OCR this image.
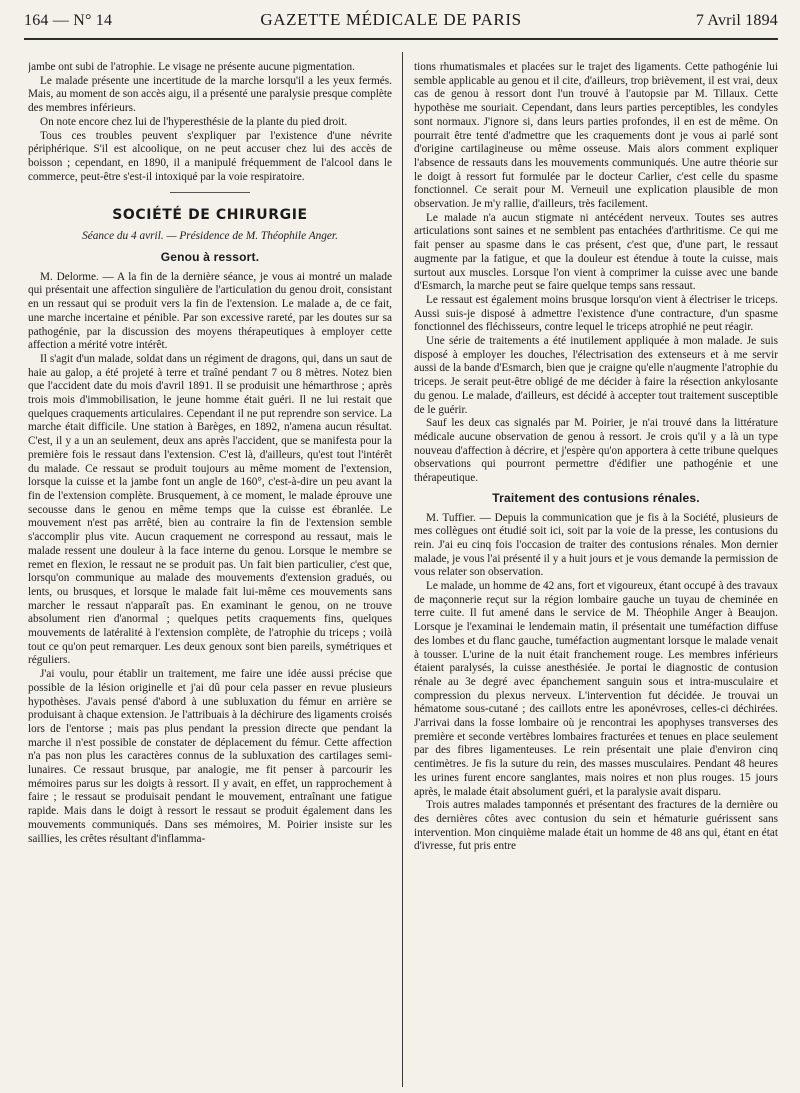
164 — N° 14	GAZETTE MÉDICALE DE PARIS	7 Avril 1894

jambe ont subi de l'atrophie. Le visage ne présente aucune pigmentation.

Le malade présente une incertitude de la marche lorsqu'il a les yeux fermés. Mais, au moment de son accès aigu, il a présenté une paralysie presque complète des membres inférieurs.

On note encore chez lui de l'hyperesthésie de la plante du pied droit.

Tous ces troubles peuvent s'expliquer par l'existence d'une névrite périphérique. S'il est alcoolique, on ne peut accuser chez lui des accès de boisson ; cependant, en 1890, il a manipulé fréquemment de l'alcool dans le commerce, peut-être s'est-il intoxiqué par la voie respiratoire.

SOCIÉTÉ DE CHIRURGIE
Séance du 4 avril. — Présidence de M. Théophile Anger.
Genou à ressort.

M. Delorme. — A la fin de la dernière séance, je vous ai montré un malade qui présentait une affection singulière de l'articulation du genou droit, consistant en un ressaut qui se produit vers la fin de l'extension. Le malade a, de ce fait, une marche incertaine et pénible. Par son excessive rareté, par les doutes sur sa pathogénie, par la discussion des moyens thérapeutiques à employer cette affection a mérité votre intérêt.

Il s'agit d'un malade, soldat dans un régiment de dragons, qui, dans un saut de haie au galop, a été projeté à terre et traîné pendant 7 ou 8 mètres. Notez bien que l'accident date du mois d'avril 1891. Il se produisit une hémarthrose ; après trois mois d'immobilisation, le jeune homme était guéri. Il ne lui restait que quelques craquements articulaires. Cependant il ne put reprendre son service. La marche était difficile. Une station à Barèges, en 1892, n'amena aucun résultat. C'est, il y a un an seulement, deux ans après l'accident, que se manifesta pour la première fois le ressaut dans l'extension. C'est là, d'ailleurs, qu'est tout l'intérêt du malade. Ce ressaut se produit toujours au même moment de l'extension, lorsque la cuisse et la jambe font un angle de 160°, c'est-à-dire un peu avant la fin de l'extension complète. Brusquement, à ce moment, le malade éprouve une secousse dans le genou en même temps que la cuisse est ébranlée. Le mouvement n'est pas arrêté, bien au contraire la fin de l'extension semble s'accomplir plus vite. Aucun craquement ne correspond au ressaut, mais le malade ressent une douleur à la face interne du genou. Lorsque le membre se remet en flexion, le ressaut ne se produit pas. Un fait bien particulier, c'est que, lorsqu'on communique au malade des mouvements d'extension gradués, ou lents, ou brusques, et lorsque le malade fait lui-même ces mouvements sans marcher le ressaut n'apparaît pas. En examinant le genou, on ne trouve absolument rien d'anormal ; quelques petits craquements fins, quelques mouvements de latéralité à l'extension complète, de l'atrophie du triceps ; voilà tout ce qu'on peut remarquer. Les deux genoux sont bien pareils, symétriques et réguliers.

J'ai voulu, pour établir un traitement, me faire une idée aussi précise que possible de la lésion originelle et j'ai dû pour cela passer en revue plusieurs hypothèses. J'avais pensé d'abord à une subluxation du fémur en arrière se produisant à chaque extension. Je l'attribuais à la déchirure des ligaments croisés lors de l'entorse ; mais pas plus pendant la pression directe que pendant la marche il n'est possible de constater de déplacement du fémur. Cette affection n'a pas non plus les caractères connus de la subluxation des cartilages semi-lunaires. Ce ressaut brusque, par analogie, me fit penser à parcourir les mémoires parus sur les doigts à ressort. Il y avait, en effet, un rapprochement à faire ; le ressaut se produisait pendant le mouvement, entraînant une fatigue rapide. Mais dans le doigt à ressort le ressaut se produit également dans les mouvements communiqués. Dans ses mémoires, M. Poirier insiste sur les saillies, les crêtes résultant d'inflamma-

tions rhumatismales et placées sur le trajet des ligaments. Cette pathogénie lui semble applicable au genou et il cite, d'ailleurs, trop brièvement, il est vrai, deux cas de genou à ressort dont l'un trouvé à l'autopsie par M. Tillaux. Cette hypothèse me souriait. Cependant, dans leurs parties perceptibles, les condyles sont normaux. J'ignore si, dans leurs parties profondes, il en est de même. On pourrait être tenté d'admettre que les craquements dont je vous ai parlé sont d'origine cartilagineuse ou même osseuse. Mais alors comment expliquer l'absence de ressauts dans les mouvements communiqués. Une autre théorie sur le doigt à ressort fut formulée par le docteur Carlier, c'est celle du spasme fonctionnel. Ce serait pour M. Verneuil une explication plausible de mon observation. Je m'y rallie, d'ailleurs, très facilement.

Le malade n'a aucun stigmate ni antécédent nerveux. Toutes ses autres articulations sont saines et ne semblent pas entachées d'arthritisme. Ce qui me fait penser au spasme dans le cas présent, c'est que, d'une part, le ressaut augmente par la fatigue, et que la douleur est étendue à toute la cuisse, mais surtout aux muscles. Lorsque l'on vient à comprimer la cuisse avec une bande d'Esmarch, la marche peut se faire quelque temps sans ressaut.

Le ressaut est également moins brusque lorsqu'on vient à électriser le triceps. Aussi suis-je disposé à admettre l'existence d'une contracture, d'un spasme fonctionnel des fléchisseurs, contre lequel le triceps atrophié ne peut réagir.

Une série de traitements a été inutilement appliquée à mon malade. Je suis disposé à employer les douches, l'électrisation des extenseurs et à me servir aussi de la bande d'Esmarch, bien que je craigne qu'elle n'augmente l'atrophie du triceps. Je serait peut-être obligé de me décider à faire la résection ankylosante du genou. Le malade, d'ailleurs, est décidé à accepter tout traitement susceptible de le guérir.

Sauf les deux cas signalés par M. Poirier, je n'ai trouvé dans la littérature médicale aucune observation de genou à ressort. Je crois qu'il y a là un type nouveau d'affection à décrire, et j'espère qu'on apportera à cette tribune quelques observations qui pourront permettre d'édifier une pathogénie et une thérapeutique.

Traitement des contusions rénales.

M. Tuffier. — Depuis la communication que je fis à la Société, plusieurs de mes collègues ont étudié soit ici, soit par la voie de la presse, les contusions du rein. J'ai eu cinq fois l'occasion de traiter des contusions rénales. Mon dernier malade, je vous l'ai présenté il y a huit jours et je vous demande la permission de vous relater son observation.

Le malade, un homme de 42 ans, fort et vigoureux, étant occupé à des travaux de maçonnerie reçut sur la région lombaire gauche un tuyau de cheminée en terre cuite. Il fut amené dans le service de M. Théophile Anger à Beaujon. Lorsque je l'examinai le lendemain matin, il présentait une tuméfaction diffuse des lombes et du flanc gauche, tuméfaction augmentant lorsque le malade venait à tousser. L'urine de la nuit était franchement rouge. Les membres inférieurs étaient paralysés, la cuisse anesthésiée. Je portai le diagnostic de contusion rénale au 3e degré avec épanchement sanguin sous et intra-musculaire et compression du plexus nerveux. L'intervention fut décidée. Je trouvai un hématome sous-cutané ; des caillots entre les aponévroses, celles-ci déchirées. J'arrivai dans la fosse lombaire où je rencontrai les apophyses transverses des première et seconde vertèbres lombaires fracturées et tenues en place seulement par des fibres ligamenteuses. Le rein présentait une plaie d'environ cinq centimètres. Je fis la suture du rein, des masses musculaires. Pendant 48 heures les urines furent encore sanglantes, mais noires et non plus rouges. 15 jours après, le malade était absolument guéri, et la paralysie avait disparu.

Trois autres malades tamponnés et présentant des fractures de la dernière ou des dernières côtes avec contusion du sein et hématurie guérissent sans intervention. Mon cinquième malade était un homme de 48 ans qui, étant en état d'ivresse, fut pris entre
